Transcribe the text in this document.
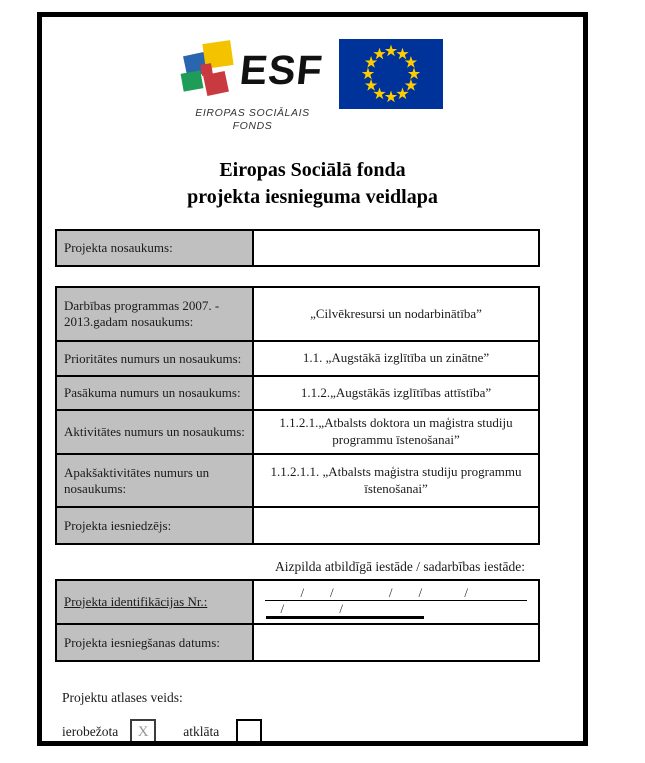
ESF
EIROPAS SOCIĀLAIS
FONDS
Eiropas Sociālā fonda
projekta iesnieguma veidlapa
Projekta nosaukums:	
Darbības programmas 2007. - 2013.gadam nosaukums:	„Cilvēkresursi un nodarbinātība”
Prioritātes numurs un nosaukums:	1.1. „Augstākā izglītība un zinātne”
Pasākuma numurs un nosaukums:	1.1.2.„Augstākās izglītības attīstība”
Aktivitātes numurs un nosaukums:	1.1.2.1.„Atbalsts doktora un maģistra studiju programmu īstenošanai”
Apakšaktivitātes numurs un nosaukums:	1.1.2.1.1. „Atbalsts maģistra studiju programmu īstenošanai”
Projekta iesniedzējs:	
Aizpilda atbildīgā iestāde / sadarbības iestāde:
Projekta identifikācijas Nr.:	/        /                 /        /             /
/                 /

Projekta iesniegšanas datums:	
Projektu atlases veids:
ierobežota	X	atklāta
